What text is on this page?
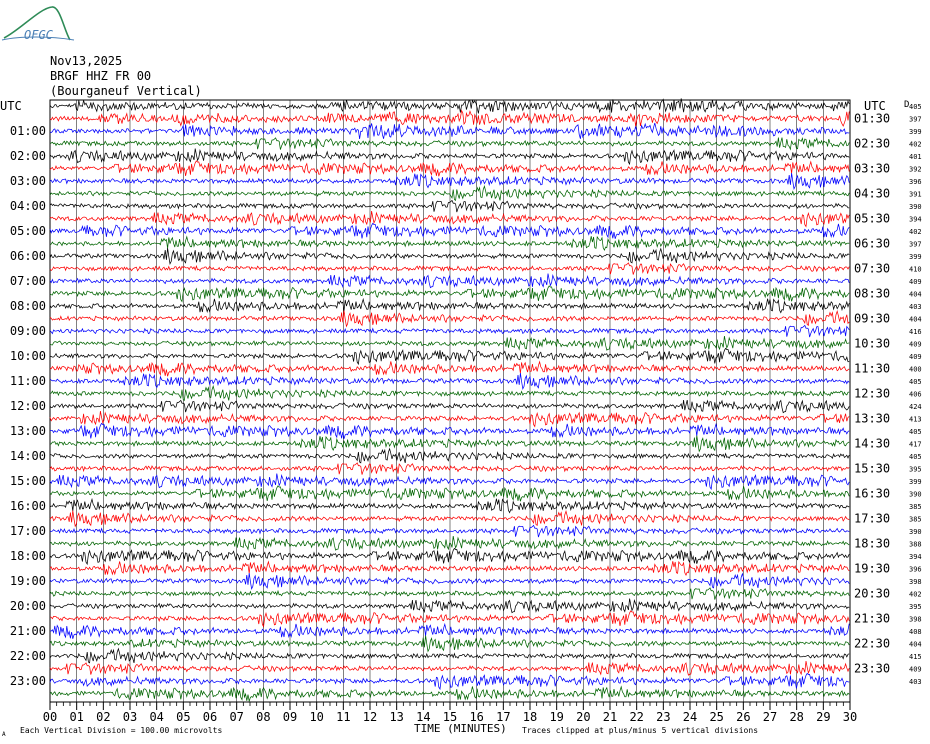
OFGC
Nov13,2025
BRGF HHZ FR 00
(Bourganeuf Vertical)
UTC	UTC D
01:00
02:00
03:00
04:00
05:00
06:00
07:00
08:00
09:00
10:00
11:00
12:00
13:00
14:00
15:00
16:00
17:00
18:00
19:00
20:00
21:00
22:00
23:00
01:30
02:30
03:30
04:30
05:30
06:30
07:30
08:30
09:30
10:30
11:30
12:30
13:30
14:30
15:30
16:30
17:30
18:30
19:30
20:30
21:30
22:30
23:30
405
397
399
402
401
392
396
391
390
394
402
397
399
410
409
404
403
404
416
409
409
400
405
406
424
413
405
417
405
395
399
390
385
385
390
388
394
396
398
402
395
398
408
404
415
409
403
00 01 02 03 04 05 06 07 08 09 10 11 12 13 14 15 16 17 18 19 20 21 22 23 24 25 26 27 28 29 30
TIME (MINUTES)
A Each Vertical Division = 100.00 microvolts	Traces clipped at plus/minus 5 vertical divisions
